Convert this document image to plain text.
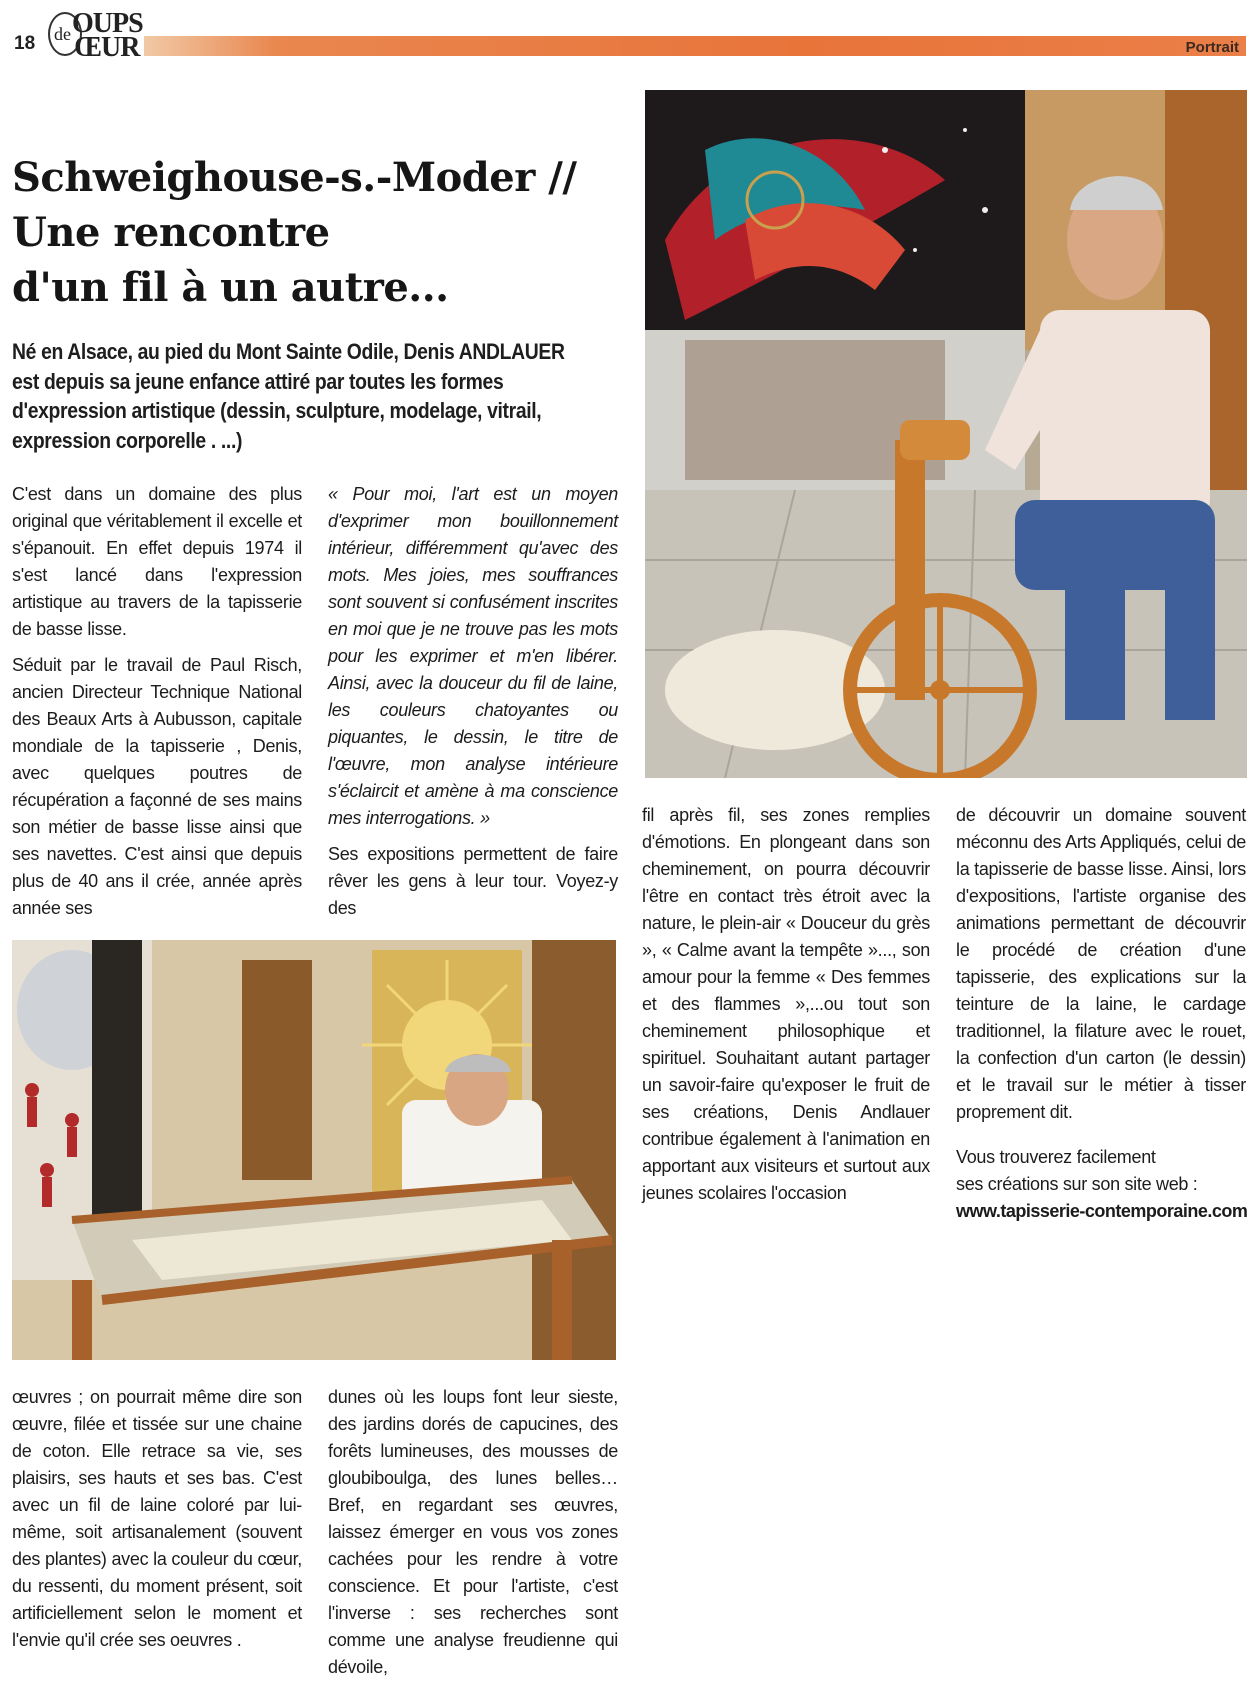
18
OUPS
de ŒUR	Portrait
Schweighouse-s.-Moder //
Une rencontre
d'un fil à un autre...
Né en Alsace, au pied du Mont Sainte Odile, Denis ANDLAUER
est depuis sa jeune enfance attiré par toutes les formes
d'expression artistique (dessin, sculpture, modelage, vitrail,
expression corporelle . ...)

C'est dans un domaine des plus original que véritablement il excelle et s'épanouit. En effet depuis 1974 il s'est lancé dans l'expression artistique au travers de la tapisserie de basse lisse.

Séduit par le travail de Paul Risch, ancien Directeur Technique National des Beaux Arts à Aubusson, capitale mondiale de la tapisserie , Denis, avec quelques poutres de récupération a façonné de ses mains son métier de basse lisse ainsi que ses navettes. C'est ainsi que depuis plus de 40 ans il crée, année après année ses

« Pour moi, l'art est un moyen d'exprimer mon bouillonnement intérieur, différemment qu'avec des mots. Mes joies, mes souffrances sont souvent si confusément inscrites en moi que je ne trouve pas les mots pour les exprimer et m'en libérer. Ainsi, avec la douceur du fil de laine, les couleurs chatoyantes ou piquantes, le dessin, le titre de l'œuvre, mon analyse intérieure s'éclaircit et amène à ma conscience mes interrogations. »

Ses expositions permettent de faire rêver les gens à leur tour. Voyez-y des

œuvres ; on pourrait même dire son œuvre, filée et tissée sur une chaine de coton. Elle retrace sa vie, ses plaisirs, ses hauts et ses bas. C'est avec un fil de laine coloré par lui-même, soit artisanalement (souvent des plantes) avec la couleur du cœur, du ressenti, du moment présent, soit artificiellement selon le moment et l'envie qu'il crée ses oeuvres .

dunes où les loups font leur sieste, des jardins dorés de capucines, des forêts lumineuses, des mousses de gloubiboulga, des lunes belles… Bref, en regardant ses œuvres, laissez émerger en vous vos zones cachées pour les rendre à votre conscience. Et pour l'artiste, c'est l'inverse : ses recherches sont comme une analyse freudienne qui dévoile,

fil après fil, ses zones remplies d'émotions. En plongeant dans son cheminement, on pourra découvrir l'être en contact très étroit avec la nature, le plein-air « Douceur du grès », « Calme avant la tempête »..., son amour pour la femme « Des femmes et des flammes »,...ou tout son cheminement philosophique et spirituel. Souhaitant autant partager un savoir-faire qu'exposer le fruit de ses créations, Denis Andlauer contribue également à l'animation en apportant aux visiteurs et surtout aux jeunes scolaires l'occasion

de découvrir un domaine souvent méconnu des Arts Appliqués, celui de la tapisserie de basse lisse. Ainsi, lors d'expositions, l'artiste organise des animations permettant de découvrir le procédé de création d'une tapisserie, des explications sur la teinture de la laine, le cardage traditionnel, la filature avec le rouet, la confection d'un carton (le dessin) et le travail sur le métier à tisser proprement dit.

Vous trouverez facilement
ses créations sur son site web :
www.tapisserie-contemporaine.com
